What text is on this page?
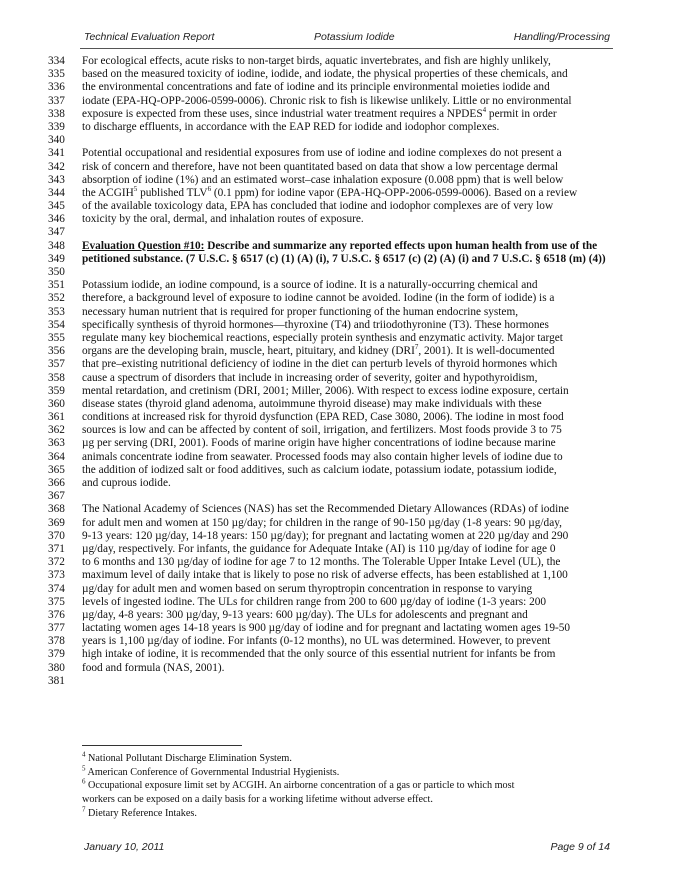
Technical Evaluation Report	Potassium Iodide	Handling/Processing
334	For ecological effects, acute risks to non-target birds, aquatic invertebrates, and fish are highly unlikely,
335	based on the measured toxicity of iodine, iodide, and iodate, the physical properties of these chemicals, and
336	the environmental concentrations and fate of iodine and its principle environmental moieties iodide and
337	iodate (EPA-HQ-OPP-2006-0599-0006). Chronic risk to fish is likewise unlikely. Little or no environmental
338	exposure is expected from these uses, since industrial water treatment requires a NPDES$^4$ permit in order
339	to discharge effluents, in accordance with the EAP RED for iodide and iodophor complexes.
340
341	Potential occupational and residential exposures from use of iodine and iodine complexes do not present a
342	risk of concern and therefore, have not been quantitated based on data that show a low percentage dermal
343	absorption of iodine (1%) and an estimated worst–case inhalation exposure (0.008 ppm) that is well below
344	the ACGIH$^5$ published TLV$^6$ (0.1 ppm) for iodine vapor (EPA-HQ-OPP-2006-0599-0006). Based on a review
345	of the available toxicology data, EPA has concluded that iodine and iodophor complexes are of very low
346	toxicity by the oral, dermal, and inhalation routes of exposure.
347
348	Evaluation Question #10: Describe and summarize any reported effects upon human health from use of the
349	petitioned substance. (7 U.S.C. § 6517 (c) (1) (A) (i), 7 U.S.C. § 6517 (c) (2) (A) (i) and 7 U.S.C. § 6518 (m) (4))
350
351	Potassium iodide, an iodine compound, is a source of iodine. It is a naturally-occurring chemical and
352	therefore, a background level of exposure to iodine cannot be avoided. Iodine (in the form of iodide) is a
353	necessary human nutrient that is required for proper functioning of the human endocrine system,
354	specifically synthesis of thyroid hormones—thyroxine (T4) and triiodothyronine (T3). These hormones
355	regulate many key biochemical reactions, especially protein synthesis and enzymatic activity. Major target
356	organs are the developing brain, muscle, heart, pituitary, and kidney (DRI$^7$, 2001). It is well-documented
357	that pre–existing nutritional deficiency of iodine in the diet can perturb levels of thyroid hormones which
358	cause a spectrum of disorders that include in increasing order of severity, goiter and hypothyroidism,
359	mental retardation, and cretinism (DRI, 2001; Miller, 2006). With respect to excess iodine exposure, certain
360	disease states (thyroid gland adenoma, autoimmune thyroid disease) may make individuals with these
361	conditions at increased risk for thyroid dysfunction (EPA RED, Case 3080, 2006). The iodine in most food
362	sources is low and can be affected by content of soil, irrigation, and fertilizers. Most foods provide 3 to 75
363	µg per serving (DRI, 2001). Foods of marine origin have higher concentrations of iodine because marine
364	animals concentrate iodine from seawater. Processed foods may also contain higher levels of iodine due to
365	the addition of iodized salt or food additives, such as calcium iodate, potassium iodate, potassium iodide,
366	and cuprous iodide.
367
368	The National Academy of Sciences (NAS) has set the Recommended Dietary Allowances (RDAs) of iodine
369	for adult men and women at 150 µg/day; for children in the range of 90-150 µg/day (1-8 years: 90 µg/day,
370	9-13 years: 120 µg/day, 14-18 years: 150 µg/day); for pregnant and lactating women at 220 µg/day and 290
371	µg/day, respectively. For infants, the guidance for Adequate Intake (AI) is 110 µg/day of iodine for age 0
372	to 6 months and 130 µg/day of iodine for age 7 to 12 months. The Tolerable Upper Intake Level (UL), the
373	maximum level of daily intake that is likely to pose no risk of adverse effects, has been established at 1,100
374	µg/day for adult men and women based on serum thyroptropin concentration in response to varying
375	levels of ingested iodine. The ULs for children range from 200 to 600 µg/day of iodine (1-3 years: 200
376	µg/day, 4-8 years: 300 µg/day, 9-13 years: 600 µg/day). The ULs for adolescents and pregnant and
377	lactating women ages 14-18 years is 900 µg/day of iodine and for pregnant and lactating women ages 19-50
378	years is 1,100 µg/day of iodine. For infants (0-12 months), no UL was determined. However, to prevent
379	high intake of iodine, it is recommended that the only source of this essential nutrient for infants be from
380	food and formula (NAS, 2001).
381
$^4$ National Pollutant Discharge Elimination System.
$^5$ American Conference of Governmental Industrial Hygienists.
$^6$ Occupational exposure limit set by ACGIH. An airborne concentration of a gas or particle to which most
workers can be exposed on a daily basis for a working lifetime without adverse effect.
$^7$ Dietary Reference Intakes.
January 10, 2011	Page 9 of 14
